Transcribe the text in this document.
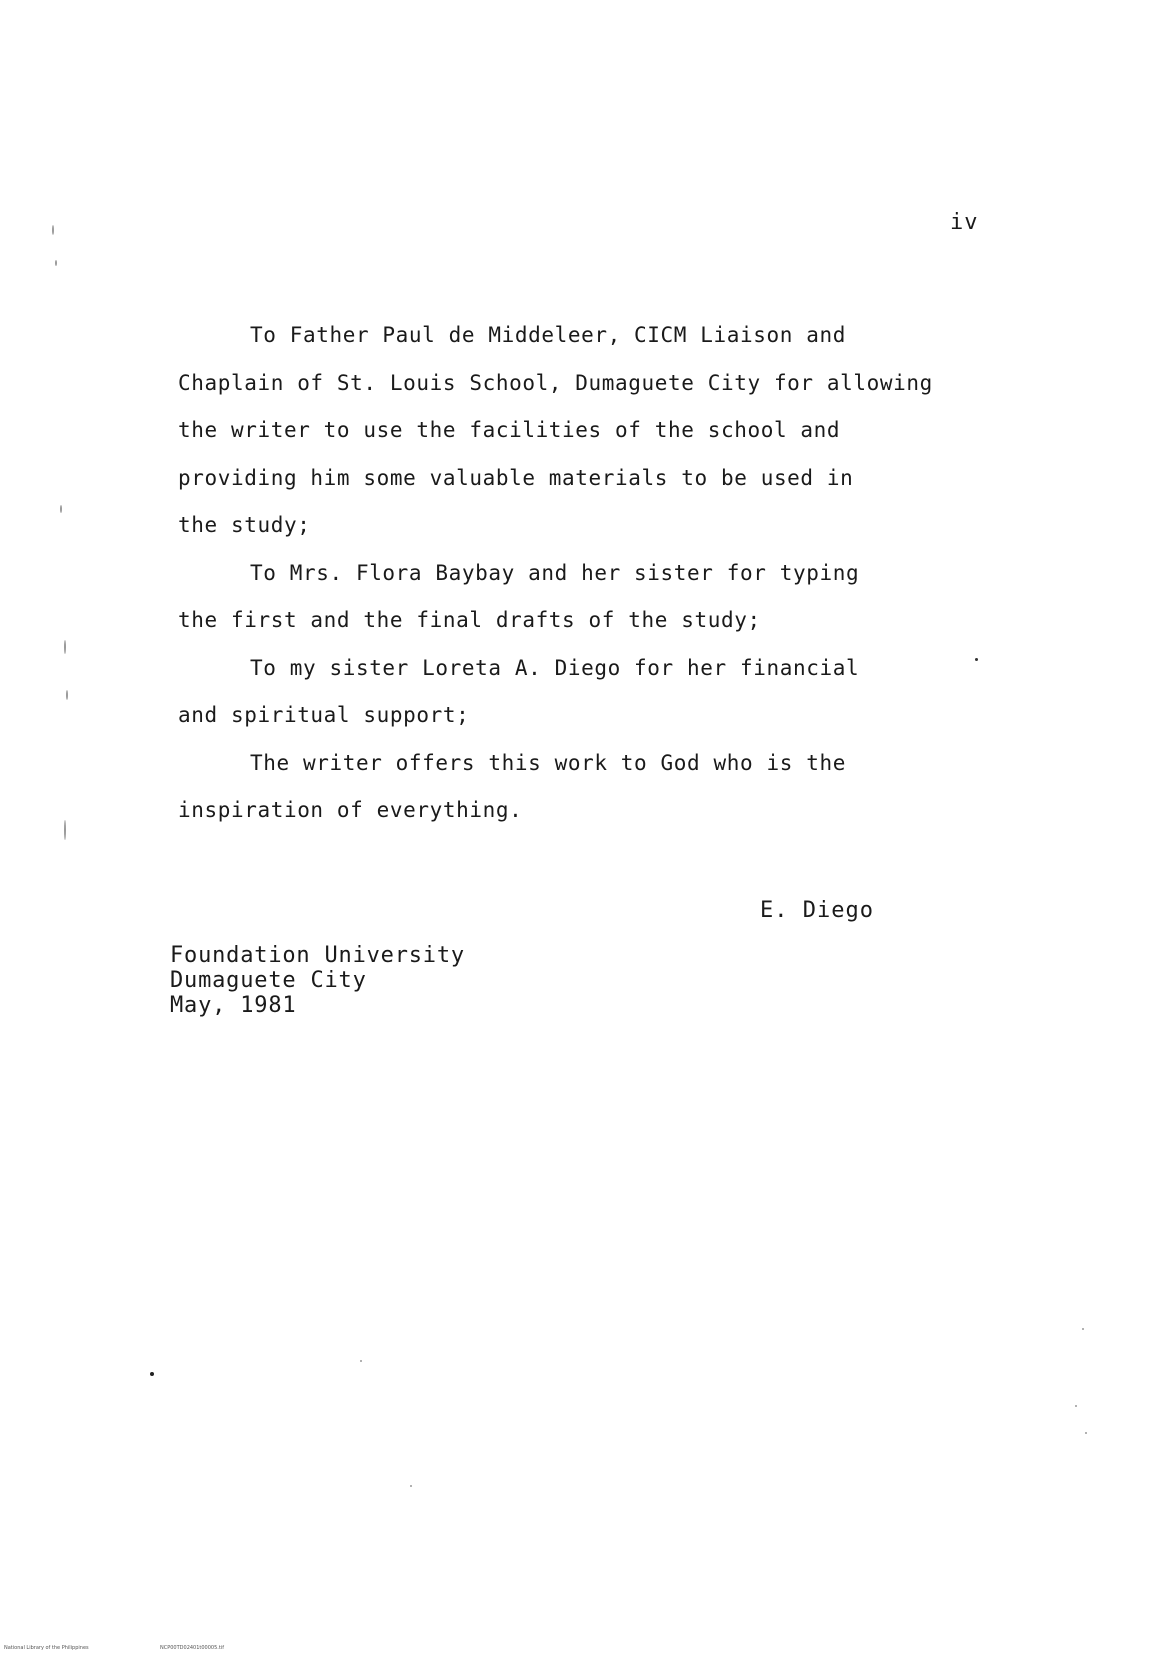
iv
To Father Paul de Middeleer, CICM Liaison and
Chaplain of St. Louis School, Dumaguete City for allowing
the writer to use the facilities of the school and
providing him some valuable materials to be used in
the study;
To Mrs. Flora Baybay and her sister for typing
the first and the final drafts of the study;
To my sister Loreta A. Diego for her financial
and spiritual support;
The writer offers this work to God who is the
inspiration of everything.
E. Diego
Foundation University
Dumaguete City
May, 1981
National Library of the Philippines	NCP00TD02401t00005.tif
